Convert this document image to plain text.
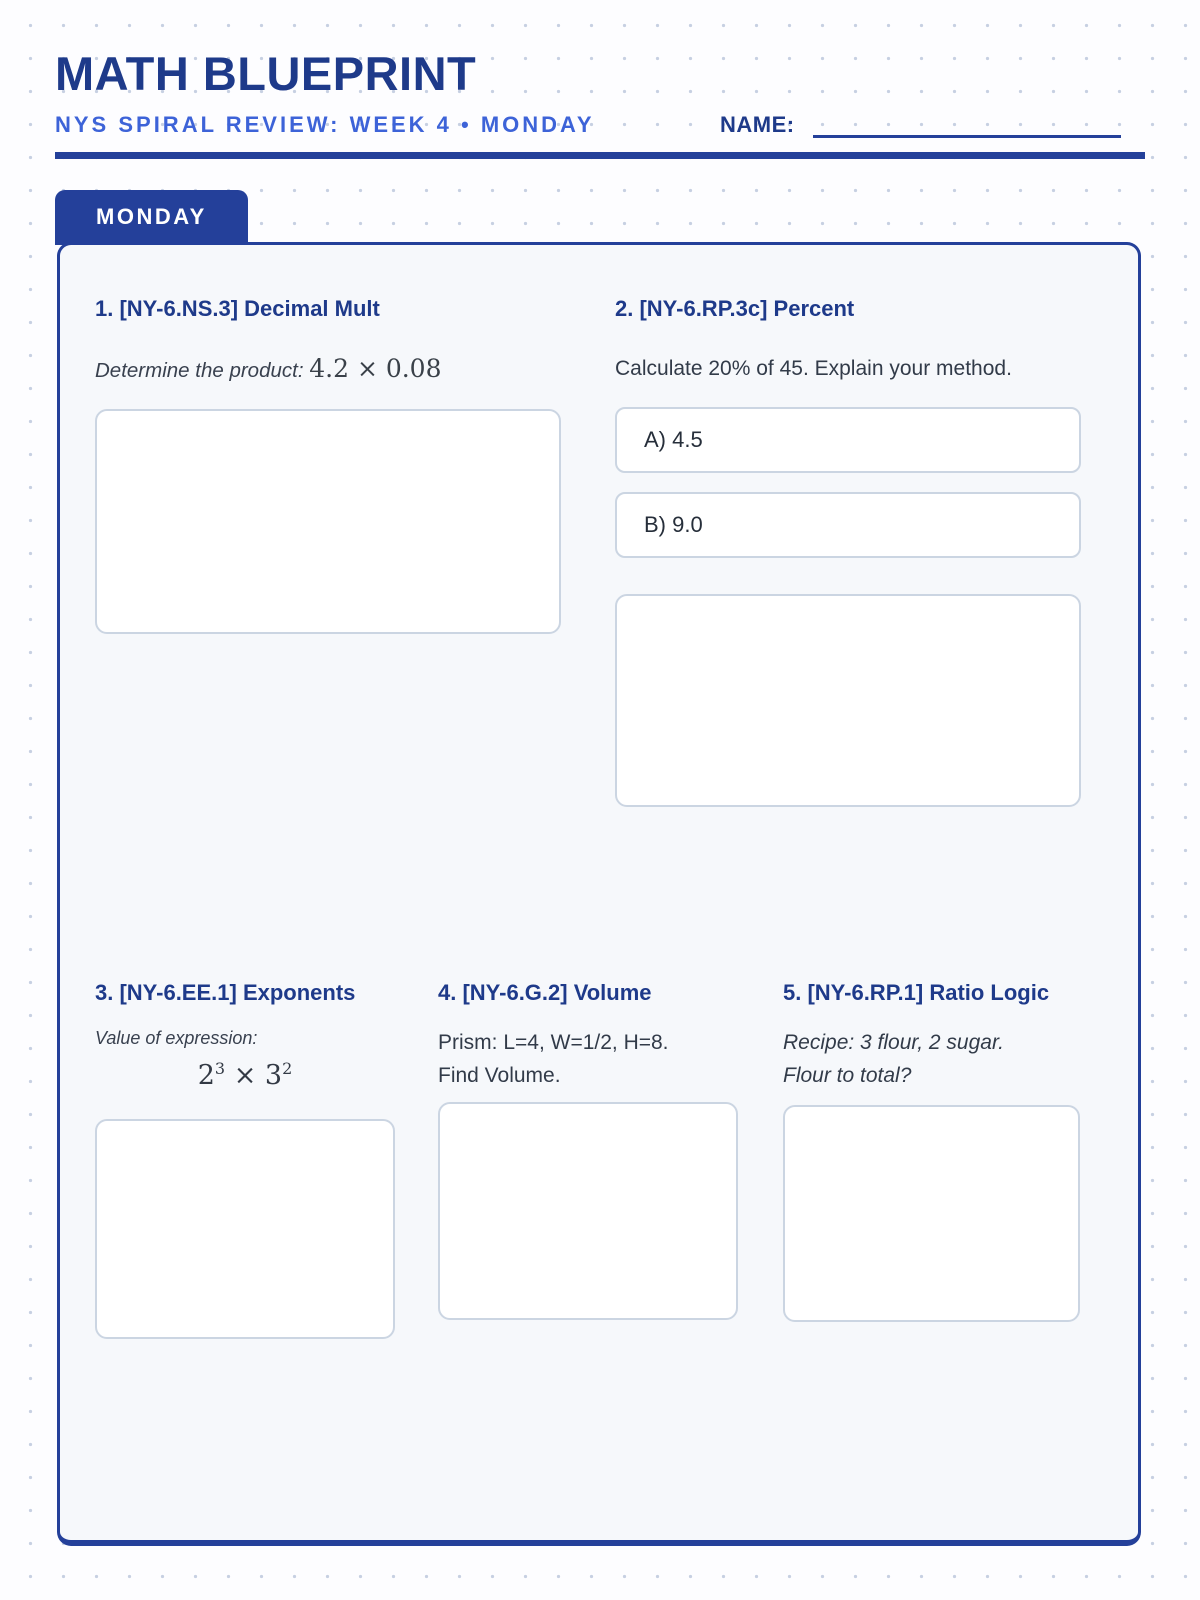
MATH BLUEPRINT
NYS SPIRAL REVIEW: WEEK 4 • MONDAY	NAME:
MONDAY
1. [NY-6.NS.3] Decimal Mult

Determine the product: 4.2 × 0.08

2. [NY-6.RP.3c] Percent

Calculate 20% of 45. Explain your method.

A) 4.5
B) 9.0
3. [NY-6.EE.1] Exponents

Value of expression:

$2^3 \times 3^2$
4. [NY-6.G.2] Volume

Prism: L=4, W=1/2, H=8.
Find Volume.

5. [NY-6.RP.1] Ratio Logic

Recipe: 3 flour, 2 sugar.
Flour to total?
